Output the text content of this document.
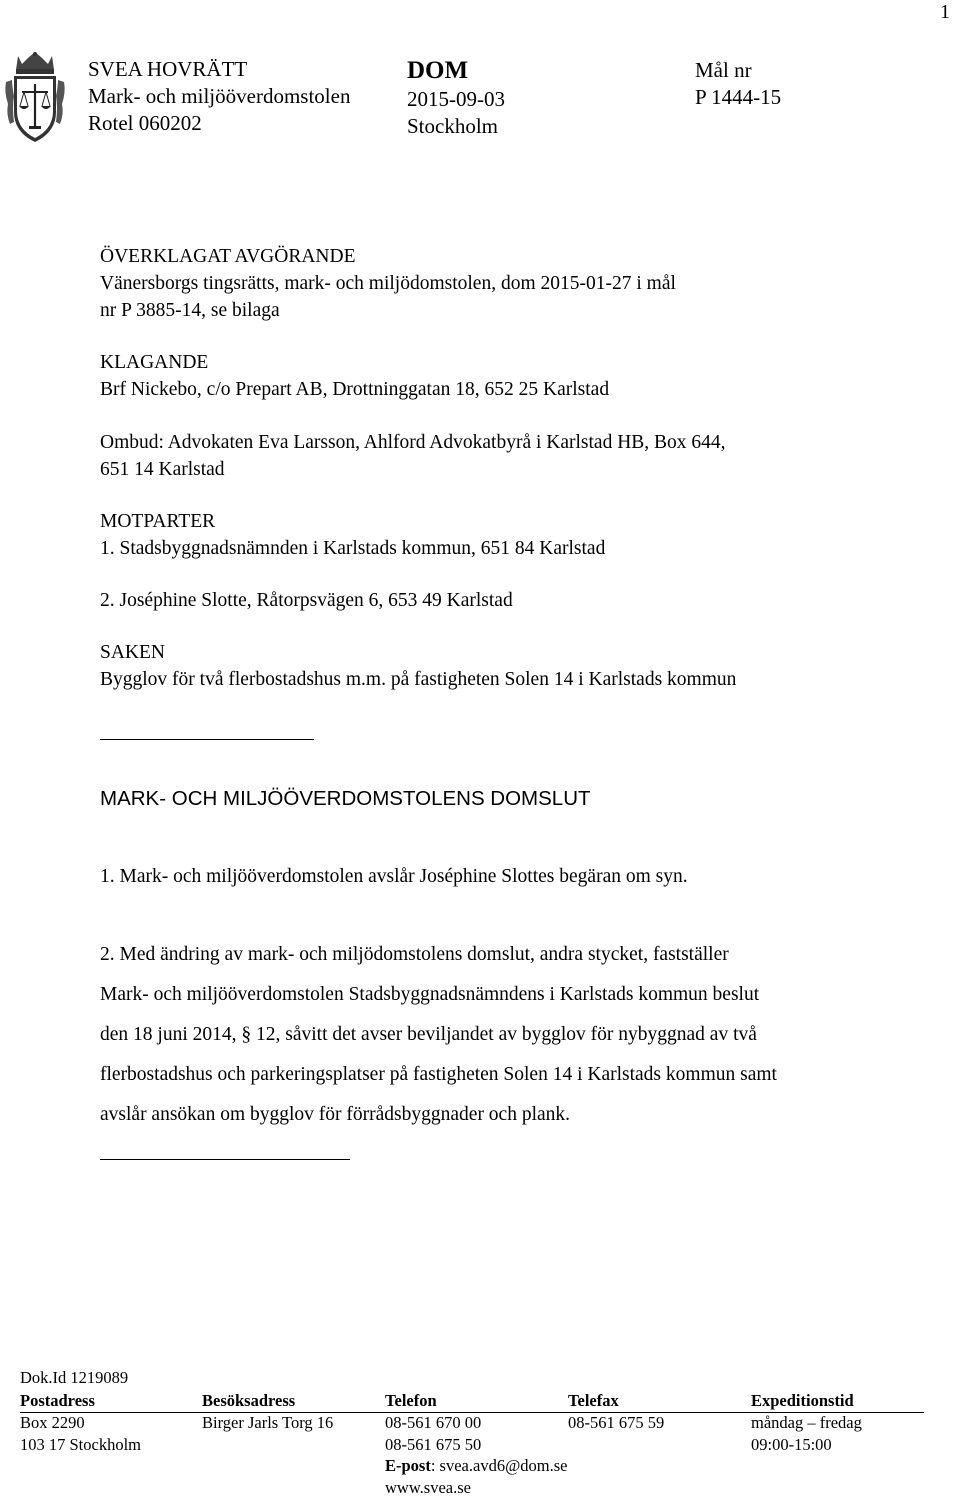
1
SVEA HOVRÄTT
Mark- och miljööverdomstolen
Rotel 060202
DOM
2015-09-03
Stockholm
Mål nr
P 1444-15
ÖVERKLAGAT AVGÖRANDE
Vänersborgs tingsrätts, mark- och miljödomstolen, dom 2015-01-27 i mål
nr P 3885-14, se bilaga
KLAGANDE
Brf Nickebo, c/o Prepart AB, Drottninggatan 18, 652 25 Karlstad
Ombud: Advokaten Eva Larsson, Ahlford Advokatbyrå i Karlstad HB, Box 644,
651 14 Karlstad
MOTPARTER
1. Stadsbyggnadsnämnden i Karlstads kommun, 651 84 Karlstad
2. Joséphine Slotte, Råtorpsvägen 6, 653 49 Karlstad
SAKEN
Bygglov för två flerbostadshus m.m. på fastigheten Solen 14 i Karlstads kommun
MARK- OCH MILJÖÖVERDOMSTOLENS DOMSLUT
1. Mark- och miljööverdomstolen avslår Joséphine Slottes begäran om syn.
2. Med ändring av mark- och miljödomstolens domslut, andra stycket, fastställer
Mark- och miljööverdomstolen Stadsbyggnadsnämndens i Karlstads kommun beslut
den 18 juni 2014, § 12, såvitt det avser beviljandet av bygglov för nybyggnad av två
flerbostadshus och parkeringsplatser på fastigheten Solen 14 i Karlstads kommun samt
avslår ansökan om bygglov för förrådsbyggnader och plank.
Dok.Id 1219089
Postadress	Besöksadress	Telefon	Telefax	Expeditionstid
Box 2290	Birger Jarls Torg 16	08-561 670 00	08-561 675 59	måndag – fredag
103 17 Stockholm		08-561 675 50		09:00-15:00
		E-post: svea.avd6@dom.se		
		www.svea.se		
